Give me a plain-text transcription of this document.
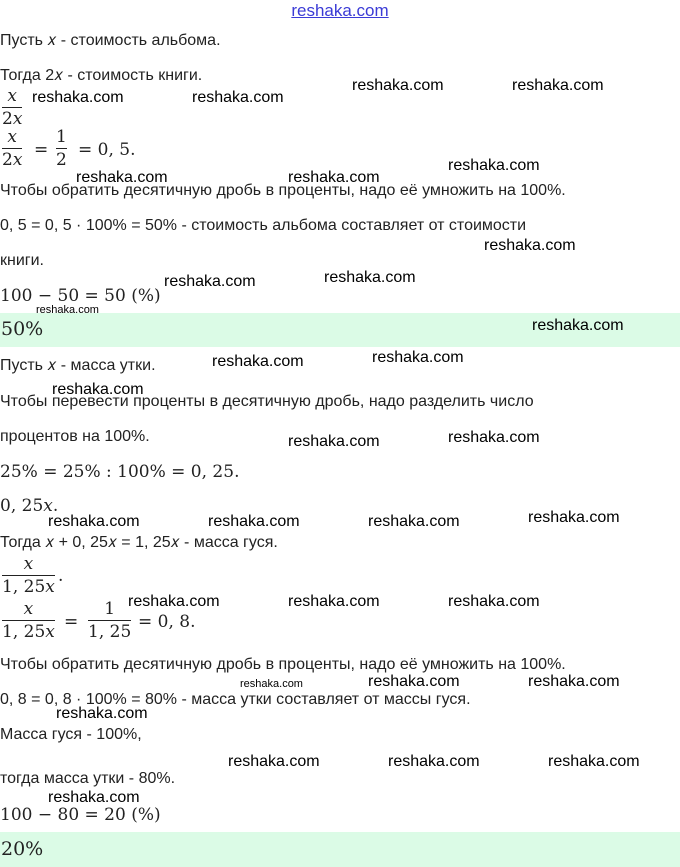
reshaka.com
Пусть 𝑥 - стоимость альбома.
Тогда 2𝑥 - стоимость книги.
𝑥
2𝑥
𝑥
2𝑥 =
1
2 = 0, 5.
Чтобы обратить десятичную дробь в проценты, надо её умножить на 100%.
0, 5 = 0, 5 · 100% = 50% - стоимость альбома составляет от стоимости
книги.
100 − 50 = 50 (%)
50%
Пусть 𝑥 - масса утки.
Чтобы перевести проценты в десятичную дробь, надо разделить число
процентов на 100%.
25% = 25% : 100% = 0, 25.
0, 25𝑥.
Тогда 𝑥 + 0, 25𝑥 = 1, 25𝑥 - масса гуся.
𝑥
1, 25𝑥
.
𝑥
1, 25𝑥 =
1
1, 25 = 0, 8.
Чтобы обратить десятичную дробь в проценты, надо её умножить на 100%.
0, 8 = 0, 8 · 100% = 80% - масса утки составляет от массы гуся.
Масса гуся - 100%,
тогда масса утки - 80%.
100 − 80 = 20 (%)
20%
reshaka.com	reshaka.com
reshaka.com	reshaka.com
reshaka.com	reshaka.com
reshaka.com
reshaka.com
reshaka.com	reshaka.com
reshaka.com
reshaka.com
reshaka.com	reshaka.com
reshaka.com
reshaka.com	reshaka.com
reshaka.com	reshaka.com	reshaka.com	reshaka.com
reshaka.com	reshaka.com	reshaka.com
reshaka.com	reshaka.com	reshaka.com
reshaka.com
reshaka.com	reshaka.com	reshaka.com
reshaka.com
